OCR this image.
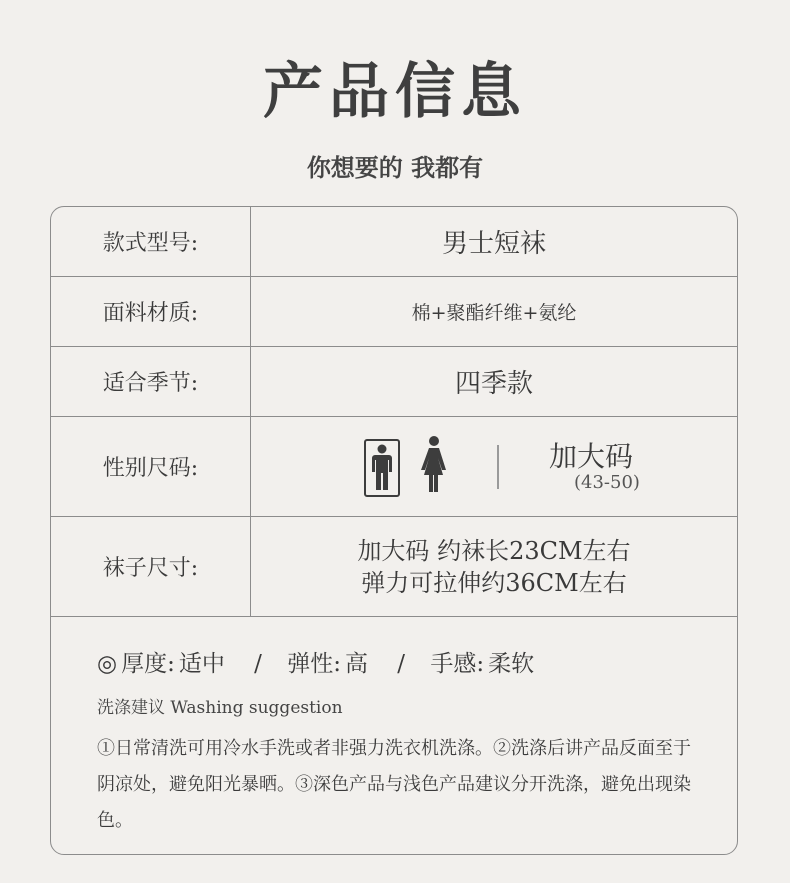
产品信息
你想要的 我都有
款式型号:	男士短袜
面料材质:	棉+聚酯纤维+氨纶
适合季节:	四季款
性别尺码:	加大码
(43-50)
袜子尺寸:
加大码 约袜长23CM左右
弹力可拉伸约36CM左右
◎ 厚度: 适中 / 弹性: 高 / 手感: 柔软
洗涤建议 Washing suggestion
①日常清洗可用冷水手洗或者非强力洗衣机洗涤。②洗涤后讲产品反面至于阴凉处，避免阳光暴晒。③深色产品与浅色产品建议分开洗涤，避免出现染色。
